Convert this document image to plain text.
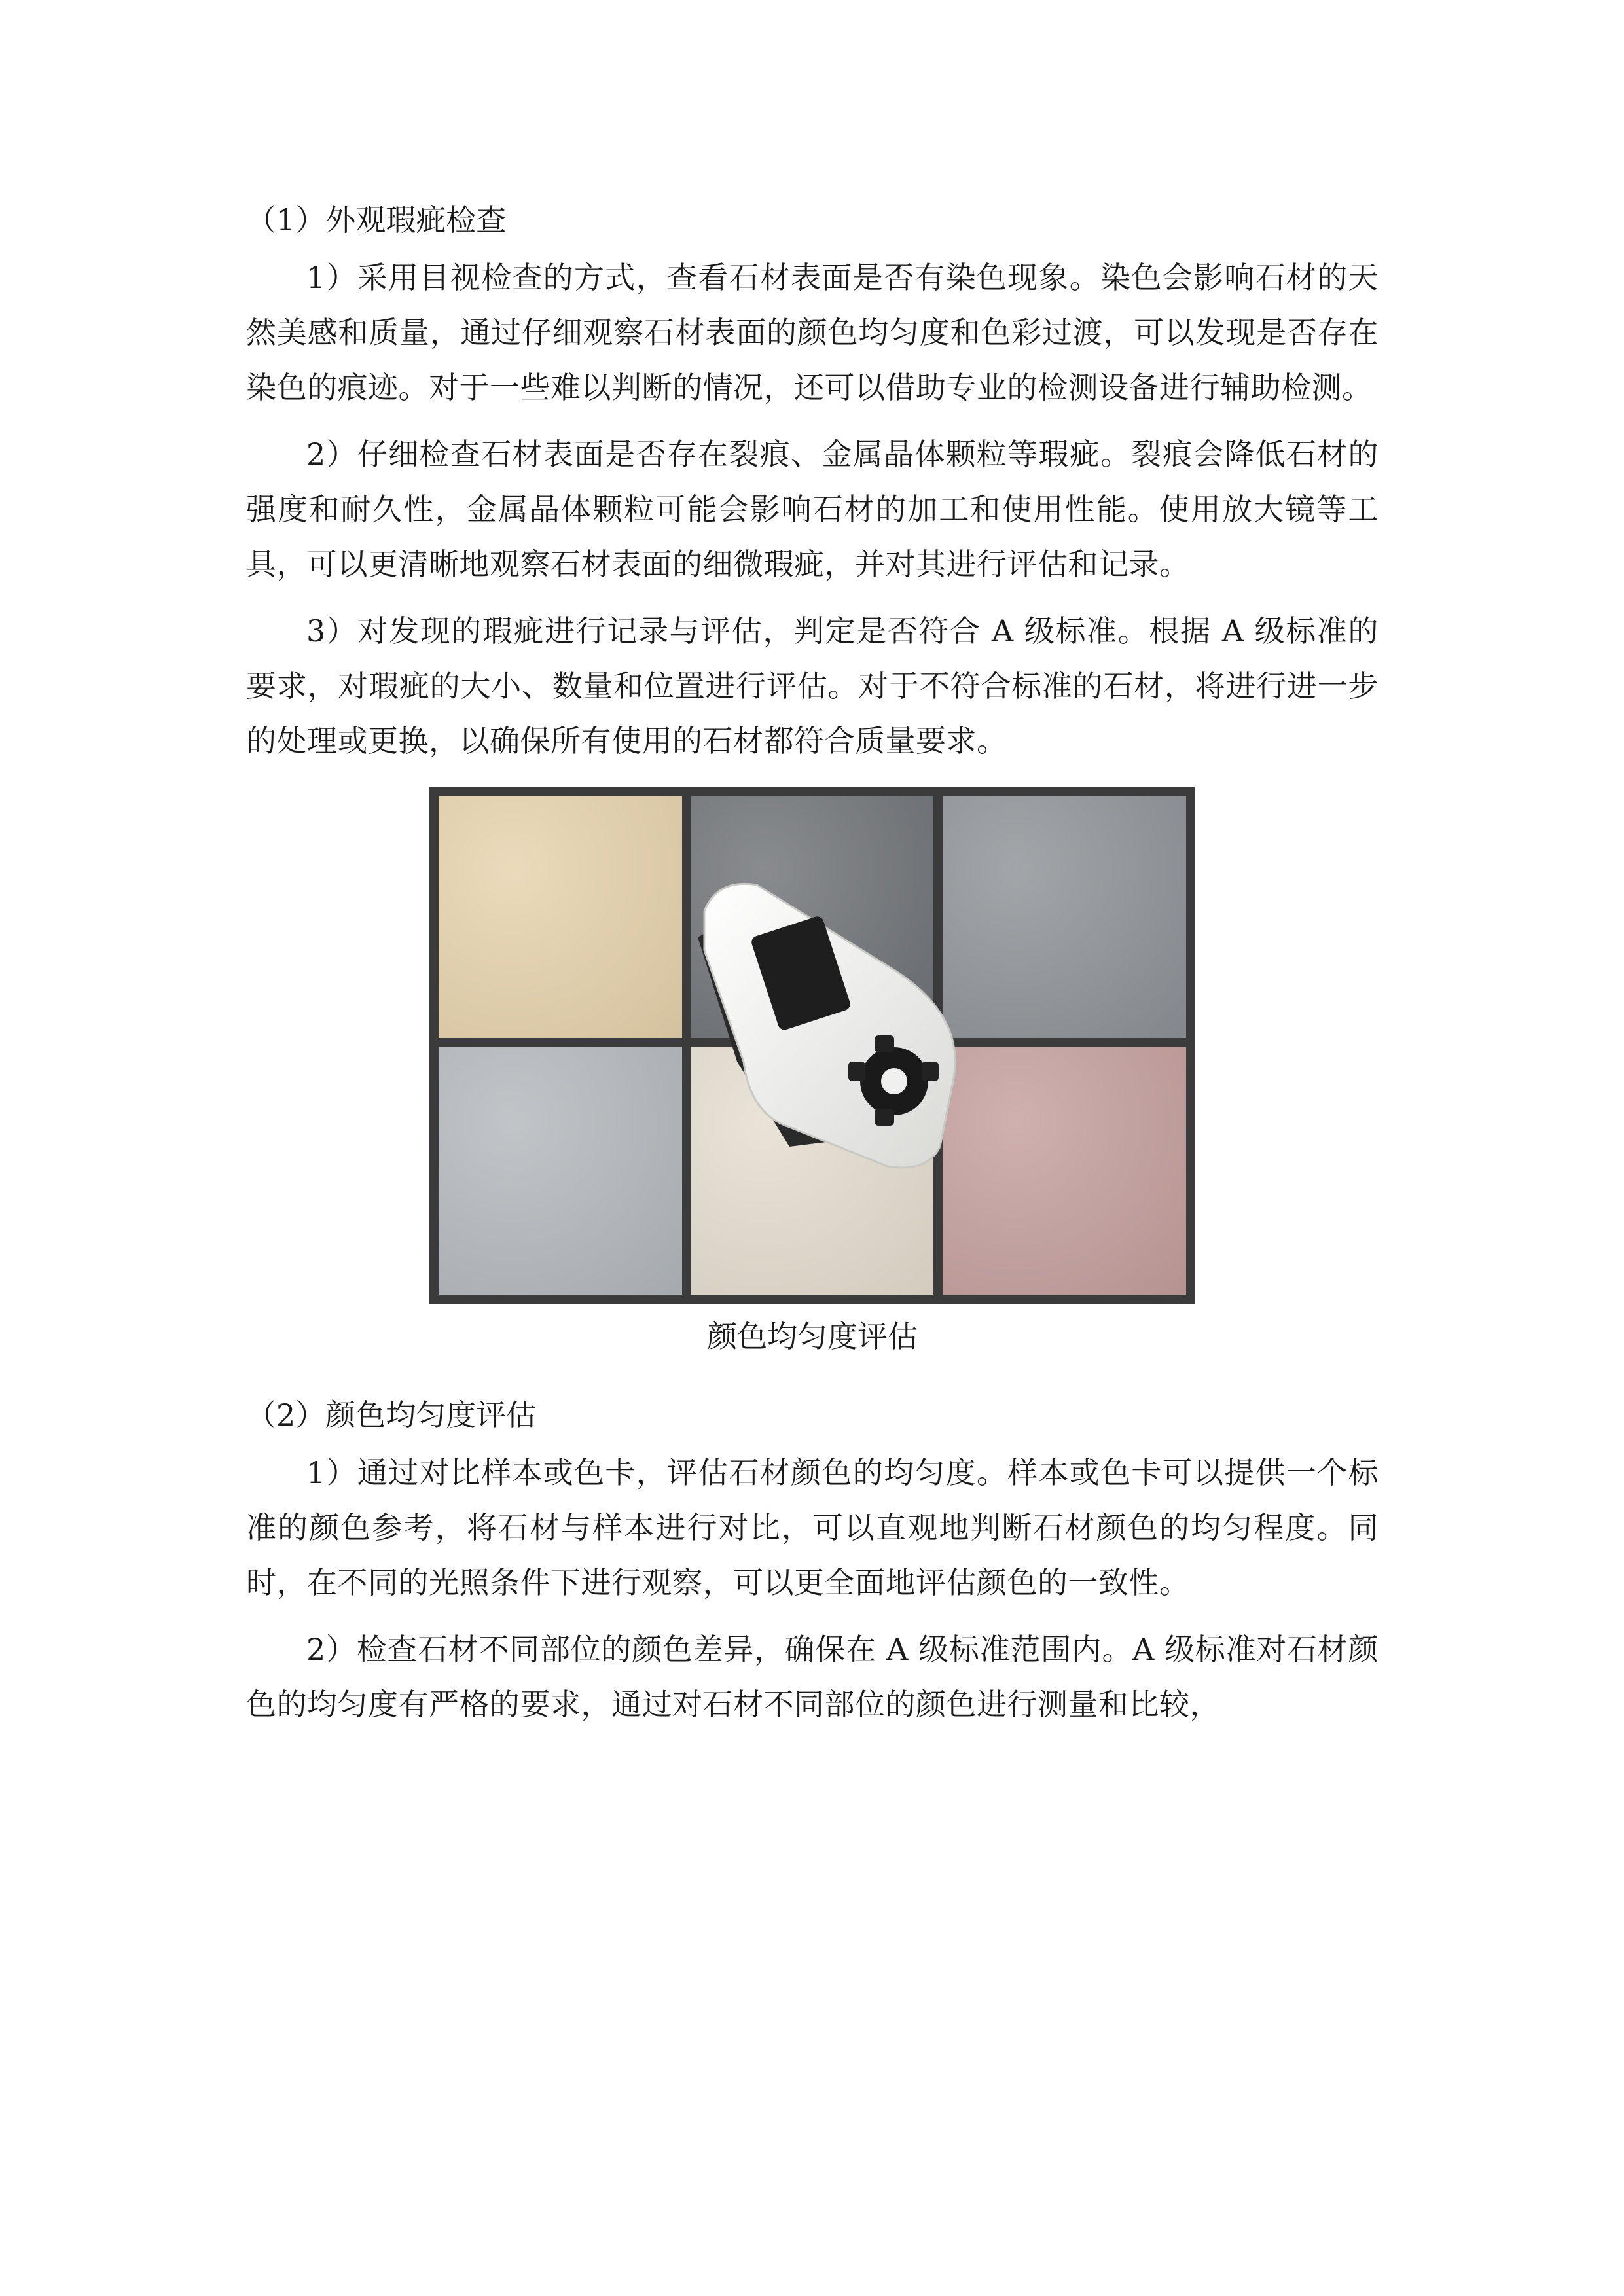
（1）外观瑕疵检查

1）采用目视检查的方式，查看石材表面是否有染色现象。染色会影响石材的天然美感和质量，通过仔细观察石材表面的颜色均匀度和色彩过渡，可以发现是否存在染色的痕迹。对于一些难以判断的情况，还可以借助专业的检测设备进行辅助检测。

2）仔细检查石材表面是否存在裂痕、金属晶体颗粒等瑕疵。裂痕会降低石材的强度和耐久性，金属晶体颗粒可能会影响石材的加工和使用性能。使用放大镜等工具，可以更清晰地观察石材表面的细微瑕疵，并对其进行评估和记录。

3）对发现的瑕疵进行记录与评估，判定是否符合 A 级标准。根据 A 级标准的要求，对瑕疵的大小、数量和位置进行评估。对于不符合标准的石材，将进行进一步的处理或更换，以确保所有使用的石材都符合质量要求。

颜色均匀度评估
（2）颜色均匀度评估

1）通过对比样本或色卡，评估石材颜色的均匀度。样本或色卡可以提供一个标准的颜色参考，将石材与样本进行对比，可以直观地判断石材颜色的均匀程度。同时，在不同的光照条件下进行观察，可以更全面地评估颜色的一致性。

2）检查石材不同部位的颜色差异，确保在 A 级标准范围内。A 级标准对石材颜色的均匀度有严格的要求，通过对石材不同部位的颜色进行测量和比较，
